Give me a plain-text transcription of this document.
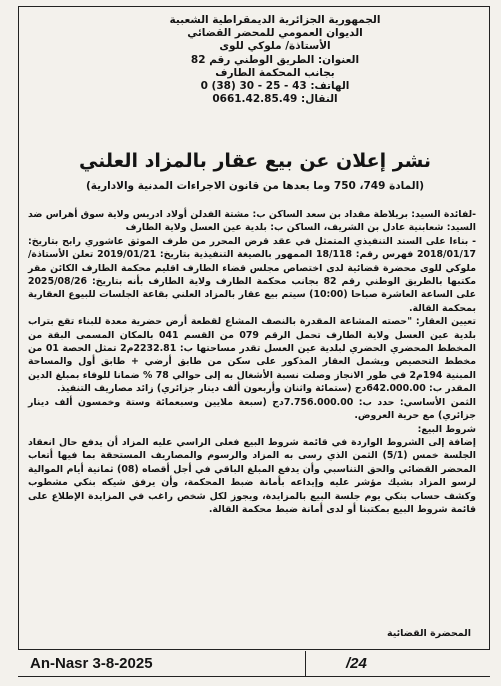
الجمهورية الجزائرية الديمقراطية الشعبية
الديوان العمومي للمحضر القضائي
الأستاذة/ ملوكي للوى
العنوان: الطريق الوطني رقم 82
بجانب المحكمة الطارف
الهاتف: 43 - 25 - 30 (38) 0
النقال: 0661.42.85.49
نشر إعلان عن بيع عقار بالمزاد العلني
(المادة 749، 750 وما بعدها من قانون الاجراءات المدنية والادارية)

-لفائدة السيد: بريلاطة مقداد بن سعد الساكن ب: مشتة الفدلن أولاد ادريس ولاية سوق أهراس ضد السيد: شعابنية عادل بن الشريف، الساكن ب: بلدية عين العسل ولاية الطارف

- بناءا على السند التنفيذي المتمثل في عقد قرض المحرر من طرف الموثق عاشوري رابح بتاريخ: 2018/01/17 فهرس رقم: 18/118 الممهور بالصيغة التنفيذية بتاريخ: 2019/01/21 تعلن الأستاذة/ ملوكي للوى محضرة قضائية لدى اختصاص مجلس قضاء الطارف اقليم محكمة الطارف الكائن مقر مكتبها بالطريق الوطني رقم 82 بجانب محكمة الطارف ولاية الطارف بأنه بتاريخ: 2025/08/26 على الساعة العاشرة صباحا (10:00) سيتم بيع عقار بالمزاد العلني بقاعة الجلسات للبيوع العقارية بمحكمة القالة.

تعيين العقار: "حصته المشاعة المقدرة بالنصف المشاع لقطعة أرض حضرية معدة للبناء تقع بتراب بلدية عين العسل ولاية الطارف تحمل الرقم 079 من القسم 041 بالمكان المسمى البقة من المخطط المحضري الحضري لبلدية عين العسل تقدر مساحتها ب: 2232.81م2 تمثل الحصة 01 من مخطط التحصيص ويشمل العقار المذكور على سكن من طابق أرضي + طابق أول والمساحة المبنية 194م2 في طور الانجاز وصلت نسبة الأشغال به إلى حوالي 78 % ضمانا للوفاء بمبلغ الدين المقدر ب: 642.000.00دج (ستمائة واثنان وأربعون ألف دينار جزائري) زائد مصاريف التنفيذ.

الثمن الأساسي: حدد ب: 7.756.000.00دج (سبعة ملايين وسبعمائة وستة وخمسون ألف دينار جزائري) مع حرية العروض.

شروط البيع:

إضافة إلى الشروط الواردة في قائمة شروط البيع فعلى الراسي عليه المزاد أن يدفع حال انعقاد الجلسة خمس (5/1) الثمن الذي رسى به المزاد والرسوم والمصاريف المستحقة بما فيها أتعاب المحضر القضائي والحق التناسبي وأن يدفع المبلغ الباقي في أجل أقصاه (08) ثمانية أيام الموالية لرسو المزاد بشيك مؤشر عليه وإيداعه بأمانة ضبط المحكمة، وأن يرفق شيكه بنكي مشطوب وكشف حساب بنكي يوم جلسة البيع بالمزايدة، ويجوز لكل شخص راغب في المزايدة الإطلاع على قائمة شروط البيع بمكتبنا أو لدى أمانة ضبط محكمة القالة.

المحضرة القضائية
An-Nasr 3-8-2025	/24
